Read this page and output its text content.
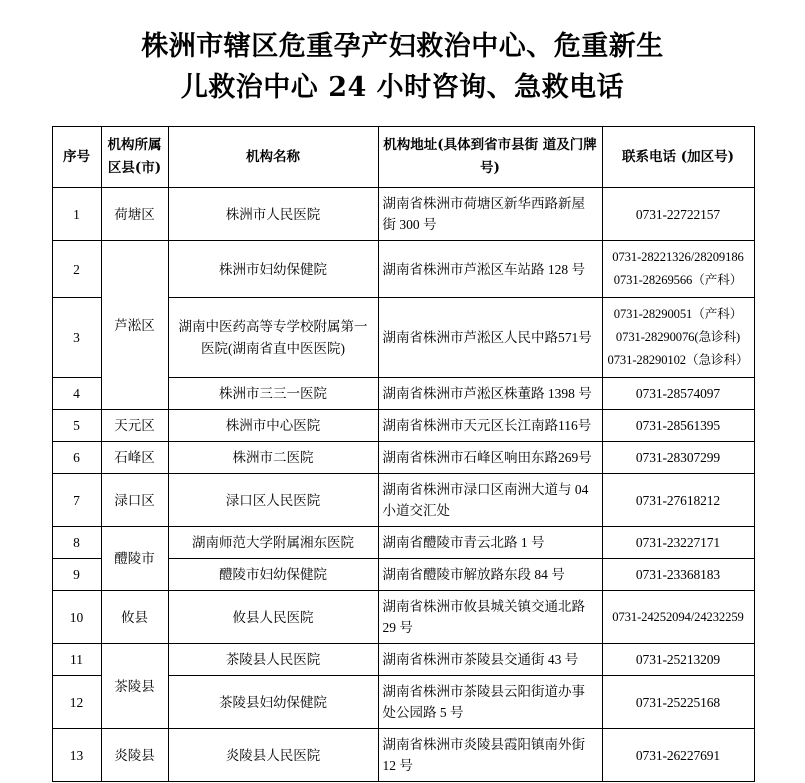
株洲市辖区危重孕产妇救治中心、危重新生
儿救治中心 24 小时咨询、急救电话
序号	机构所属 区县(市)	机构名称	机构地址(具体到省市县街 道及门牌号)	联系电话 (加区号)
1	荷塘区	株洲市人民医院	湖南省株洲市荷塘区新华西路新屋
街 300 号	0731-22722157

2	芦淞区	株洲市妇幼保健院	湖南省株洲市芦淞区车站路 128 号	0731-28221326/28209186
0731-28269566（产科）

3		湖南中医药高等专学校附属第一
医院(湖南省直中医医院)	湖南省株洲市芦淞区人民中路571号	0731-28290051（产科）
0731-28290076(急诊科)
0731-28290102（急诊科）

4		株洲市三三一医院	湖南省株洲市芦淞区株董路 1398 号	0731-28574097

5	天元区	株洲市中心医院	湖南省株洲市天元区长江南路116号	0731-28561395

6	石峰区	株洲市二医院	湖南省株洲市石峰区响田东路269号	0731-28307299

7	渌口区	渌口区人民医院	湖南省株洲市渌口区南洲大道与 04
小道交汇处	0731-27618212

8	醴陵市	湖南师范大学附属湘东医院	湖南省醴陵市青云北路 1 号	0731-23227171

9		醴陵市妇幼保健院	湖南省醴陵市解放路东段 84 号	0731-23368183

10	攸县	攸县人民医院	湖南省株洲市攸县城关镇交通北路
29 号	0731-24252094/24232259

11	茶陵县	茶陵县人民医院	湖南省株洲市茶陵县交通街 43 号	0731-25213209

12		茶陵县妇幼保健院	湖南省株洲市茶陵县云阳街道办事
处公园路 5 号	0731-25225168

13	炎陵县	炎陵县人民医院	湖南省株洲市炎陵县霞阳镇南外街
12 号	0731-26227691
